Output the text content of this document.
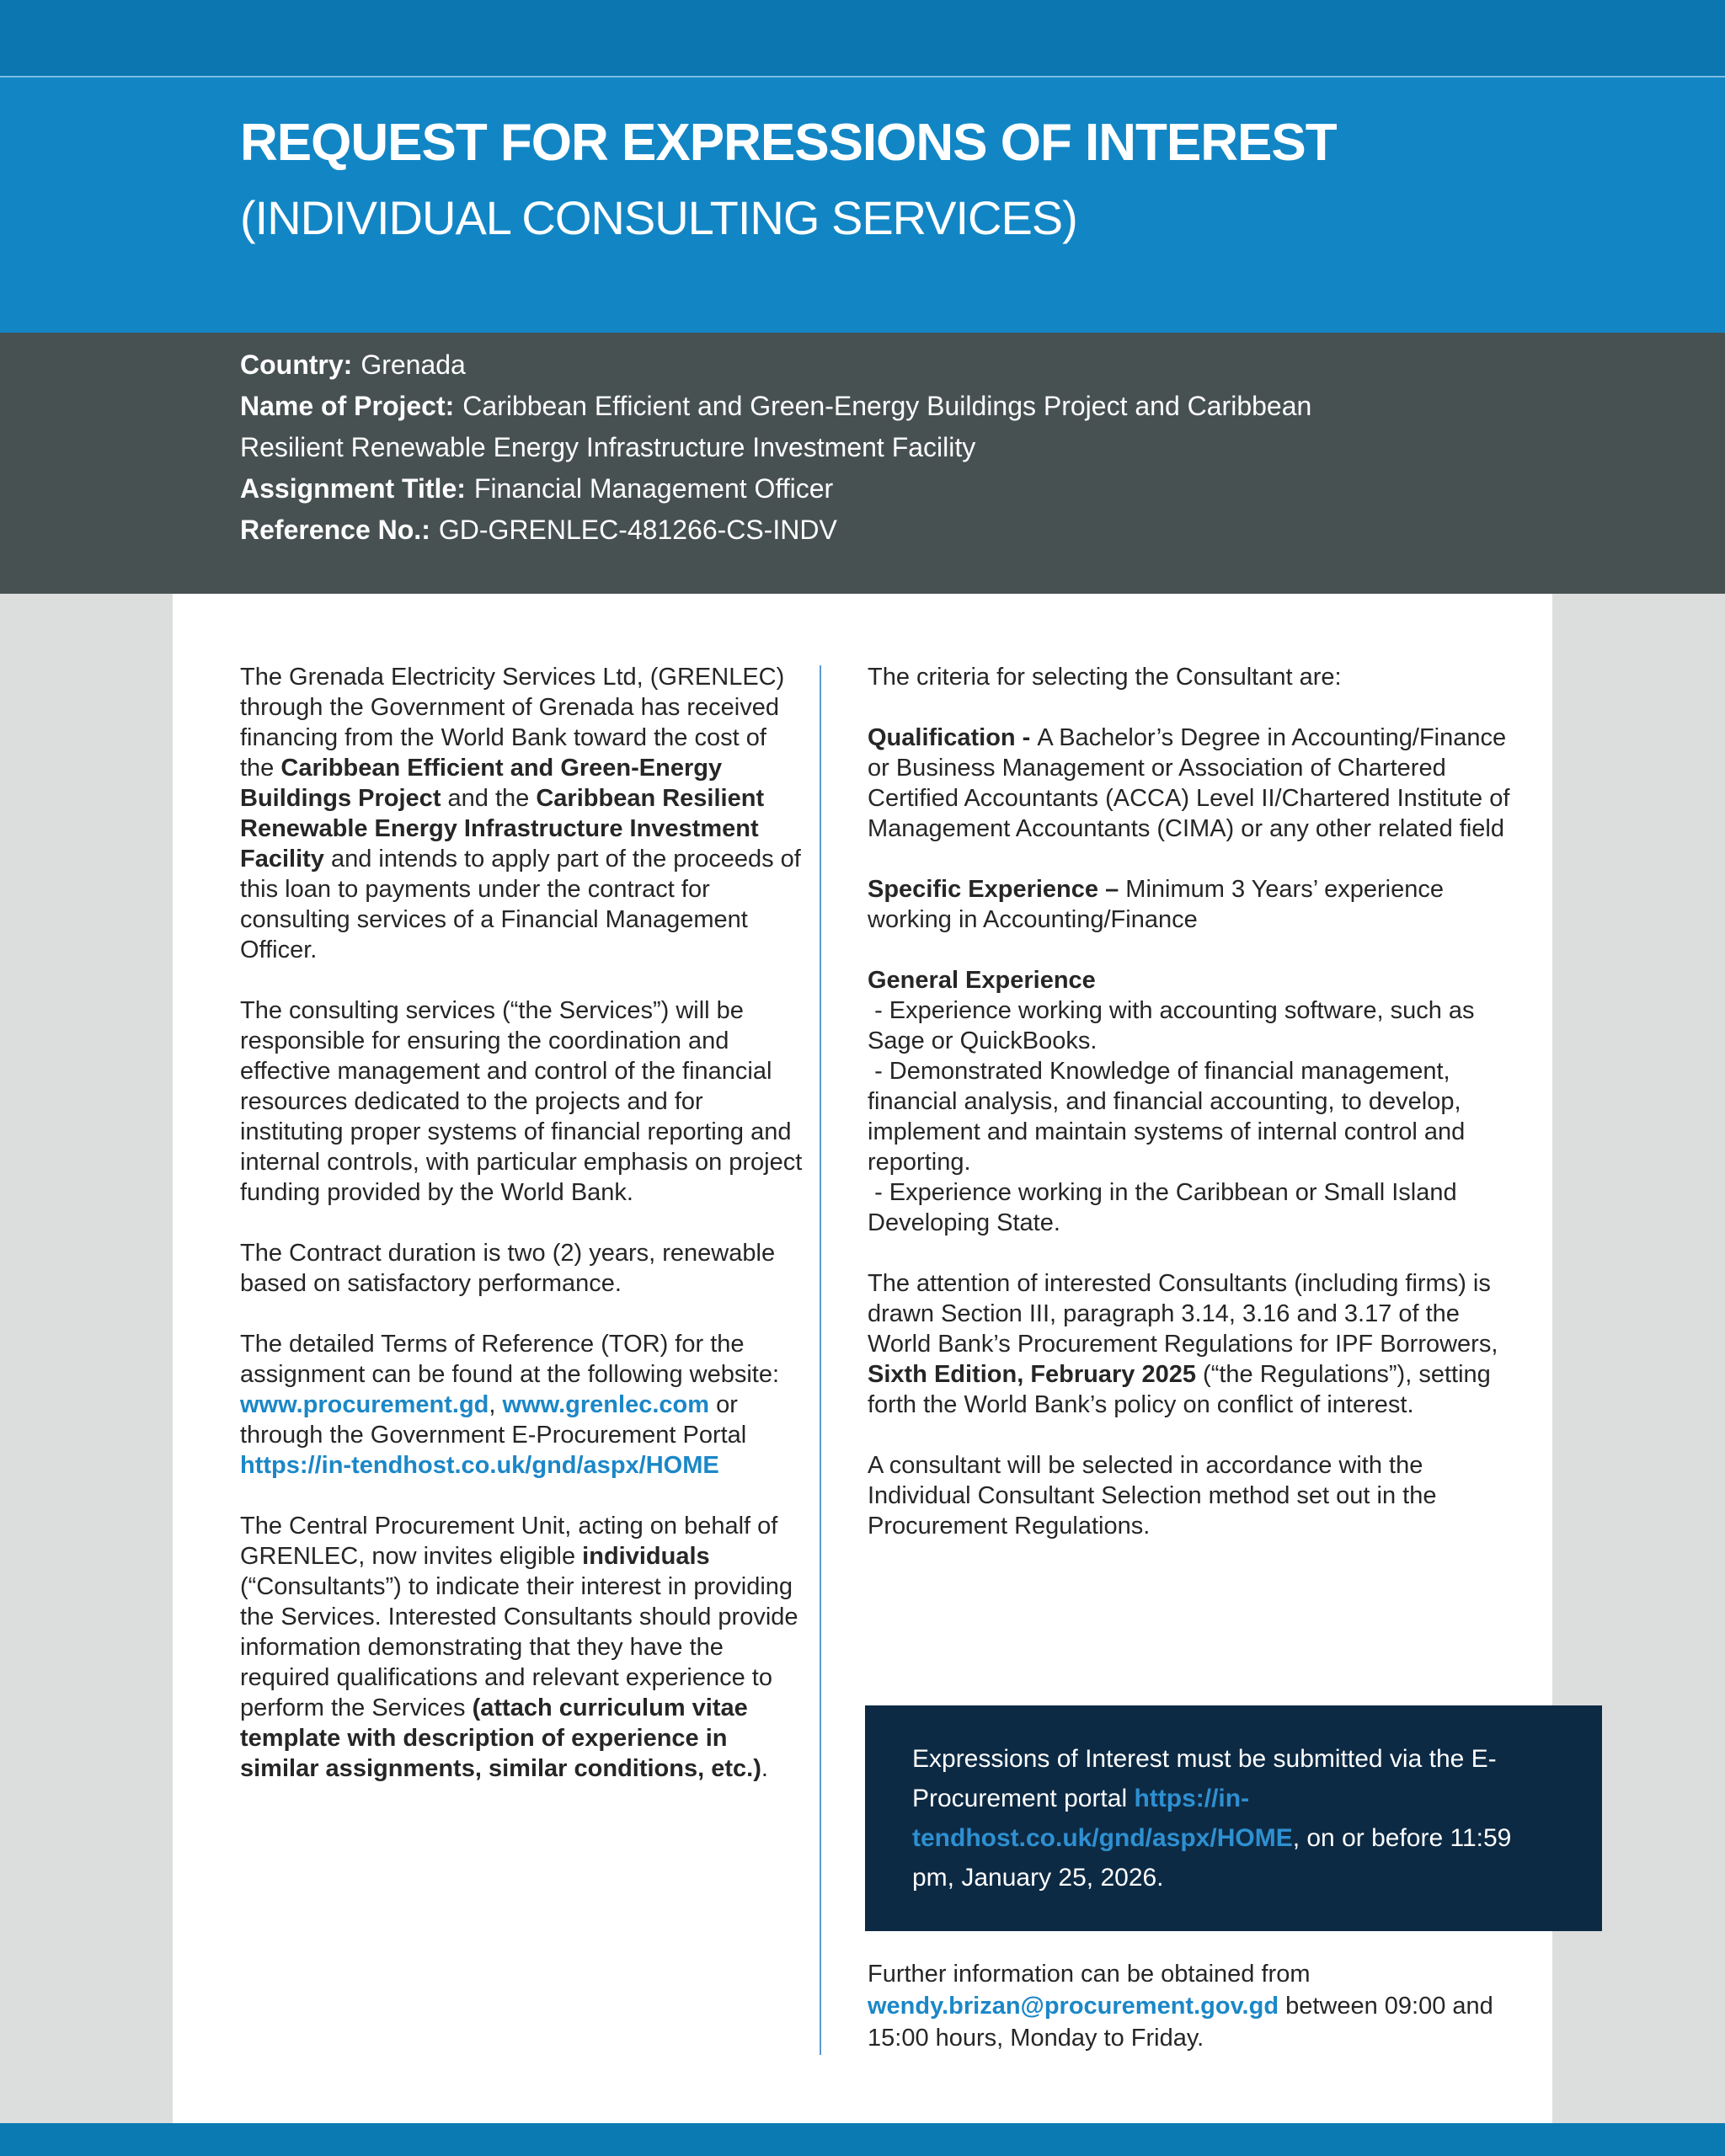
REQUEST FOR EXPRESSIONS OF INTEREST
(INDIVIDUAL CONSULTING SERVICES)
Country: Grenada
Name of Project: Caribbean Efficient and Green-Energy Buildings Project and Caribbean Resilient Renewable Energy Infrastructure Investment Facility
Assignment Title: Financial Management Officer
Reference No.: GD-GRENLEC-481266-CS-INDV

The Grenada Electricity Services Ltd, (GRENLEC) through the Government of Grenada has received financing from the World Bank toward the cost of the Caribbean Efficient and Green-Energy Buildings Project and the Caribbean Resilient Renewable Energy Infrastructure Investment Facility and intends to apply part of the proceeds of this loan to payments under the contract for consulting services of a Financial Management Officer.

The consulting services (“the Services”) will be responsible for ensuring the coordination and effective management and control of the financial resources dedicated to the projects and for instituting proper systems of financial reporting and internal controls, with particular emphasis on project funding provided by the World Bank.

The Contract duration is two (2) years, renewable based on satisfactory performance.

The detailed Terms of Reference (TOR) for the assignment can be found at the following website: www.procurement.gd, www.grenlec.com or through the Government E-Procurement Portal https://in-tendhost.co.uk/gnd/aspx/HOME

The Central Procurement Unit, acting on behalf of GRENLEC, now invites eligible individuals (“Consultants”) to indicate their interest in providing the Services. Interested Consultants should provide information demonstrating that they have the required qualifications and relevant experience to perform the Services (attach curriculum vitae template with description of experience in similar assignments, similar conditions, etc.).

The criteria for selecting the Consultant are:

Qualification - A Bachelor’s Degree in Accounting/Finance or Business Management or Association of Chartered Certified Accountants (ACCA) Level II/Chartered Institute of Management Accountants (CIMA) or any other related field

Specific Experience – Minimum 3 Years’ experience working in Accounting/Finance

General Experience

- Experience working with accounting software, such as Sage or QuickBooks.

- Demonstrated Knowledge of financial management, financial analysis, and financial accounting, to develop, implement and maintain systems of internal control and reporting.

- Experience working in the Caribbean or Small Island Developing State.

The attention of interested Consultants (including firms) is drawn Section III, paragraph 3.14, 3.16 and 3.17 of the World Bank’s Procurement Regulations for IPF Borrowers, Sixth Edition, February 2025 (“the Regulations”), setting forth the World Bank’s policy on conflict of interest.

A consultant will be selected in accordance with the Individual Consultant Selection method set out in the Procurement Regulations.

Expressions of Interest must be submitted via the E-Procurement portal https://in-tendhost.co.uk/gnd/aspx/HOME, on or before 11:59 pm, January 25, 2026.

Further information can be obtained from wendy.brizan@procurement.gov.gd between 09:00 and 15:00 hours, Monday to Friday.
